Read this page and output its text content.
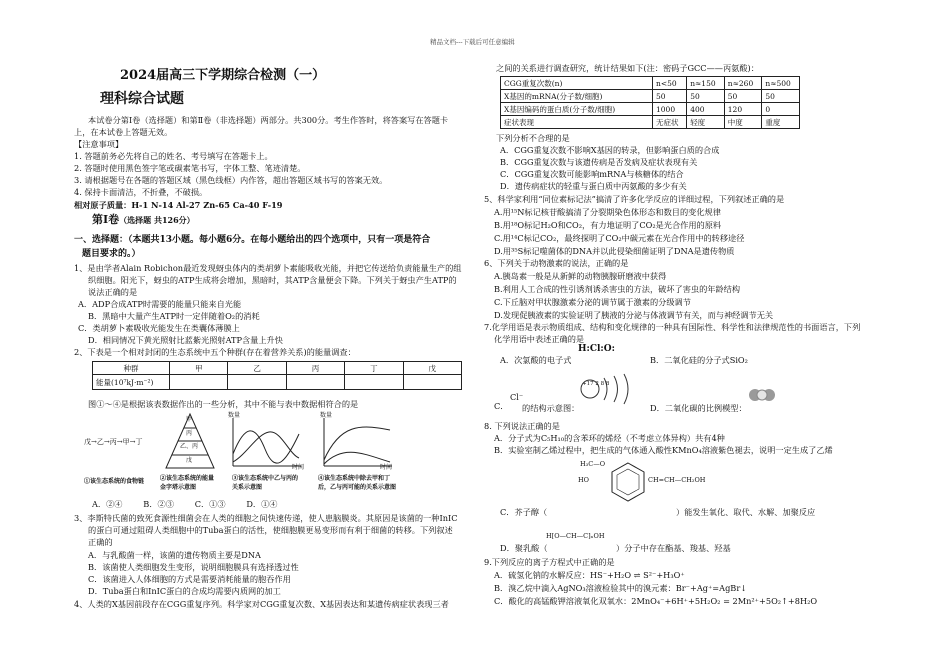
精品文档---下载后可任意编辑
2024届高三下学期综合检测（一）
理科综合试题
本试卷分第Ⅰ卷（选择题）和第Ⅱ卷（非选择题）两部分。共300分。考生作答时，将答案写在答题卡
上，在本试卷上答题无效。
【注意事项】
1. 答题前务必先将自己的姓名、考号填写在答题卡上。
2. 答题时使用黑色签字笔或碳素笔书写，字体工整、笔迹清楚。
3. 请根据题号在各题的答题区域（黑色线框）内作答，超出答题区域书写的答案无效。
4. 保持卡面清洁，不折叠，不破损。
相对原子质量：H-1 N-14 Al-27 Zn-65 Ca-40 F-19
第Ⅰ卷（选择题 共126分）
一、选择题：（本题共13小题。每小题6分。在每小题给出的四个选项中，只有一项是符合
题目要求的。）
1、是由学者Alain Robichon最近发现蚜虫体内的类胡萝卜素能吸收光能，并把它传送给负责能量生产的组
织细胞。阳光下，蚜虫的ATP生成将会增加，黑暗时，其ATP含量便会下降。下列关于蚜虫产生ATP的
说法正确的是
A．ADP合成ATP时需要的能量只能来自光能
B．黑暗中大量产生ATP时一定伴随着O₂的消耗
C．类胡萝卜素吸收光能发生在类囊体薄膜上
D．相同情况下黄光照射比蓝紫光照射ATP含量上升快
2、下表是一个相对封闭的生态系统中五个种群(存在着营养关系)的能量调查：
种群	甲	乙	丙	丁	戊
能量(10⁷kJ·m⁻²)					
图①～④是根据该表数据作出的一些分析，其中不能与表中数据相符合的是
戊→乙→丙→甲→丁
甲
丙
乙、丙
戊
数量
时间
数量
时间
①该生态系统的食物链	②该生态系统的能量
金字塔示意图
③该生态系统中乙与丙的
关系示意图
④该生态系统中除去甲和丁
后，乙与丙可能的关系示意图
A．②④        B．②③        C．①③        D．①④
3、李斯特氏菌的致死食源性细菌会在人类的细胞之间快速传递，使人患脑膜炎。其原因是该菌的一种InIC
的蛋白可通过阻碍人类细胞中的Tuba蛋白的活性，使细胞膜更易变形而有利于细菌的转移。下列叙述
正确的
A．与乳酸菌一样，该菌的遗传物质主要是DNA
B．该菌使人类细胞发生变形，说明细胞膜具有选择透过性
C．该菌进入人体细胞的方式是需要消耗能量的胞吞作用
D．Tuba蛋白和InIC蛋白的合成均需要内质网的加工
4、人类的X基因前段存在CGG重复序列。科学家对CGG重复次数、X基因表达和某遗传病症状表现三者
之间的关系进行调查研究，统计结果如下(注：密码子GCC——丙氨酸)：
CGG重复次数(n)	n<50	n≈150	n≈260	n≈500
X基因的mRNA(分子数/细胞)	50	50	50	50
X基因编码的蛋白质(分子数/细胞)	1000	400	120	0
症状表现	无症状	轻度	中度	重度
下列分析不合理的是
A．CGG重复次数不影响X基因的转录，但影响蛋白质的合成
B．CGG重复次数与该遗传病是否发病及症状表现有关
C．CGG重复次数可能影响mRNA与核糖体的结合
D．遗传病症状的轻重与蛋白质中丙氨酸的多少有关
5、科学家利用“同位素标记法”搞清了许多化学反应的详细过程，下列叙述正确的是
A.用¹⁵N标记核苷酸搞清了分裂期染色体形态和数目的变化规律
B.用¹⁸O标记H₂O和CO₂，有力地证明了CO₂是光合作用的原料
C.用¹⁴C标记CO₂，最终探明了CO₂中碳元素在光合作用中的转移途径
D.用³⁵S标记噬菌体的DNA并以此侵染细菌证明了DNA是遗传物质
6、下列关于动物激素的说法，正确的是
A.胰岛素一般是从新鲜的动物胰腺研磨液中获得
B.利用人工合成的性引诱剂诱杀害虫的方法，破坏了害虫的年龄结构
C.下丘脑对甲状腺激素分泌的调节属于激素的分级调节
D.发现促胰液素的实验证明了胰液的分泌与体液调节有关，而与神经调节无关
7.化学用语是表示物质组成、结构和变化规律的一种具有国际性、科学性和法律规范性的书面语言，下列
化学用语中表述正确的是
H:Cl:O:
A．次氯酸的电子式	B．二氧化硅的分子式SiO₂
Cl⁻
+17 2 8 8
C． 的结构示意图：	D．二氧化碳的比例模型：
8. 下列说法正确的是
A．分子式为C₅H₁₀的含苯环的烯烃（不考虑立体异构）共有4种
B．实验室制乙烯过程中，把生成的气体通入酸性KMnO₄溶液紫色褪去，说明一定生成了乙烯
H₃C—O
HO	CH=CH—CH₂OH
C．芥子醇（	）能发生氧化、取代、水解、加聚反应
H[O—CH—C]ₙOH
D．聚乳酸（	）分子中存在酯基、羧基、羟基
9.下列反应的离子方程式中正确的是
A．硫氢化钠的水解反应：HS⁻+H₂O ⇌ S²⁻+H₃O⁺
B．溴乙烷中滴入AgNO₃溶液检验其中的溴元素：Br⁻+Ag⁺=AgBr↓
C．酸化的高锰酸钾溶液氧化双氧水：2MnO₄⁻+6H⁺+5H₂O₂ = 2Mn²⁺+5O₂↑+8H₂O
